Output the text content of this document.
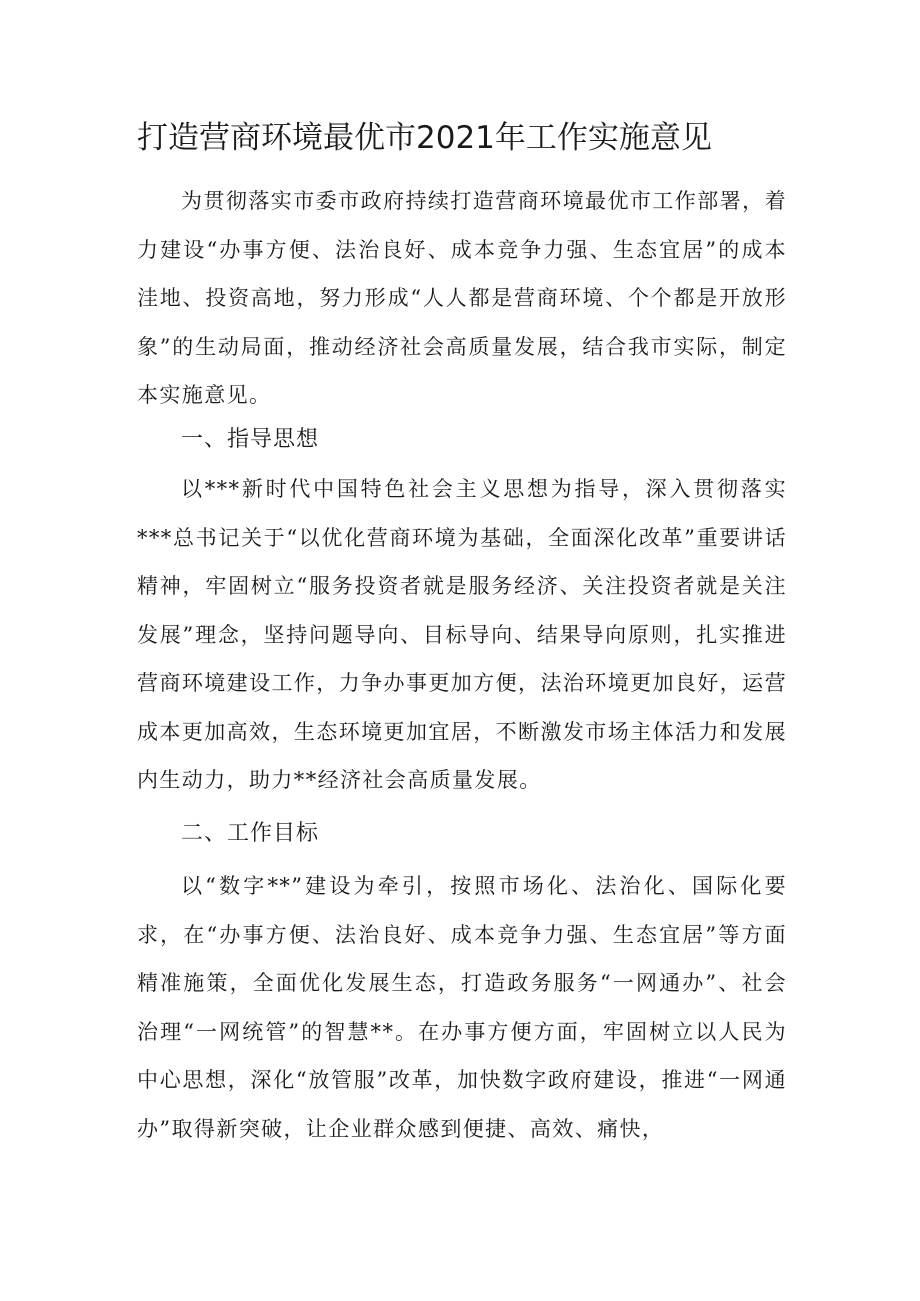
打造营商环境最优市2021年工作实施意见

为贯彻落实市委市政府持续打造营商环境最优市工作部署，着力建设“办事方便、法治良好、成本竞争力强、生态宜居”的成本洼地、投资高地，努力形成“人人都是营商环境、个个都是开放形象”的生动局面，推动经济社会高质量发展，结合我市实际，制定本实施意见。

一、指导思想

以***新时代中国特色社会主义思想为指导，深入贯彻落实***总书记关于“以优化营商环境为基础，全面深化改革”重要讲话精神，牢固树立“服务投资者就是服务经济、关注投资者就是关注发展”理念，坚持问题导向、目标导向、结果导向原则，扎实推进营商环境建设工作，力争办事更加方便，法治环境更加良好，运营成本更加高效，生态环境更加宜居，不断激发市场主体活力和发展内生动力，助力**经济社会高质量发展。

二、工作目标

以“数字**”建设为牵引，按照市场化、法治化、国际化要求，在“办事方便、法治良好、成本竞争力强、生态宜居”等方面精准施策，全面优化发展生态，打造政务服务“一网通办”、社会治理“一网统管”的智慧**。在办事方便方面，牢固树立以人民为中心思想，深化“放管服”改革，加快数字政府建设，推进“一网通办”取得新突破，让企业群众感到便捷、高效、痛快，
